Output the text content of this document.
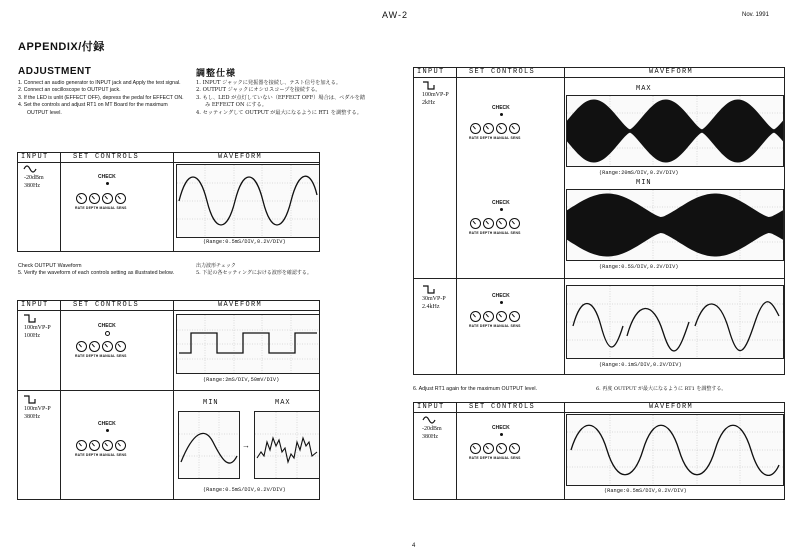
AW-2	Nov. 1991
APPENDIX/付録
ADJUSTMENT	調整仕様
1. Connect an audio generator to INPUT jack and Apply the test signal.
2. Connect an oscilloscope to OUTPUT jack.
3. If the LED is unlit (EFFECT OFF), depress the pedal for EFFECT ON.
4. Set the controls and adjust RT1 on MT Board for the maximum OUTPUT level.
1. INPUT ジャックに発振器を接続し、テスト信号を加える。
2. OUTPUT ジャックにオシロスコープを接続する。
3. もし、LED が点灯していない（EFFECT OFF）場合は、ペダルを踏み EFFECT ON にする。
4. セッティングして OUTPUT が最大になるように RT1 を調整する。
INPUT	SET CONTROLS	WAVEFORM
-20dBm
380Hz
CHECK
RATE DEPTH MANUAL SENS
(Range:0.5mS/DIV,0.2V/DIV)
Check OUTPUT Waveform
5. Verify the waveform of each controls setting as illustrated below.
出力波形チェック
5. 下記の各セッティングにおける波形を確認する。
INPUT	SET CONTROLS	WAVEFORM
100mVP-P
100Hz
CHECK
RATE DEPTH MANUAL SENS
(Range:2mS/DIV,50mV/DIV)
100mVP-P
380Hz
CHECK
RATE DEPTH MANUAL SENS
MIN	MAX
→
(Range:0.5mS/DIV,0.2V/DIV)
INPUT	SET CONTROLS	WAVEFORM
100mVP-P
2kHz
CHECK
RATE DEPTH MANUAL SENS
MAX
(Range:20mS/DIV,0.2V/DIV)
CHECK
RATE DEPTH MANUAL SENS
MIN
(Range:0.5S/DIV,0.2V/DIV)
30mVP-P
2.4kHz
CHECK
RATE DEPTH MANUAL SENS
(Range:0.1mS/DIV,0.2V/DIV)
6. Adjust RT1 again for the maximum OUTPUT level.	6. 再度 OUTPUT が最大になるように RT1 を調整する。
INPUT	SET CONTROLS	WAVEFORM
-20dBm
380Hz
CHECK
RATE DEPTH MANUAL SENS
(Range:0.5mS/DIV,0.2V/DIV)
4
